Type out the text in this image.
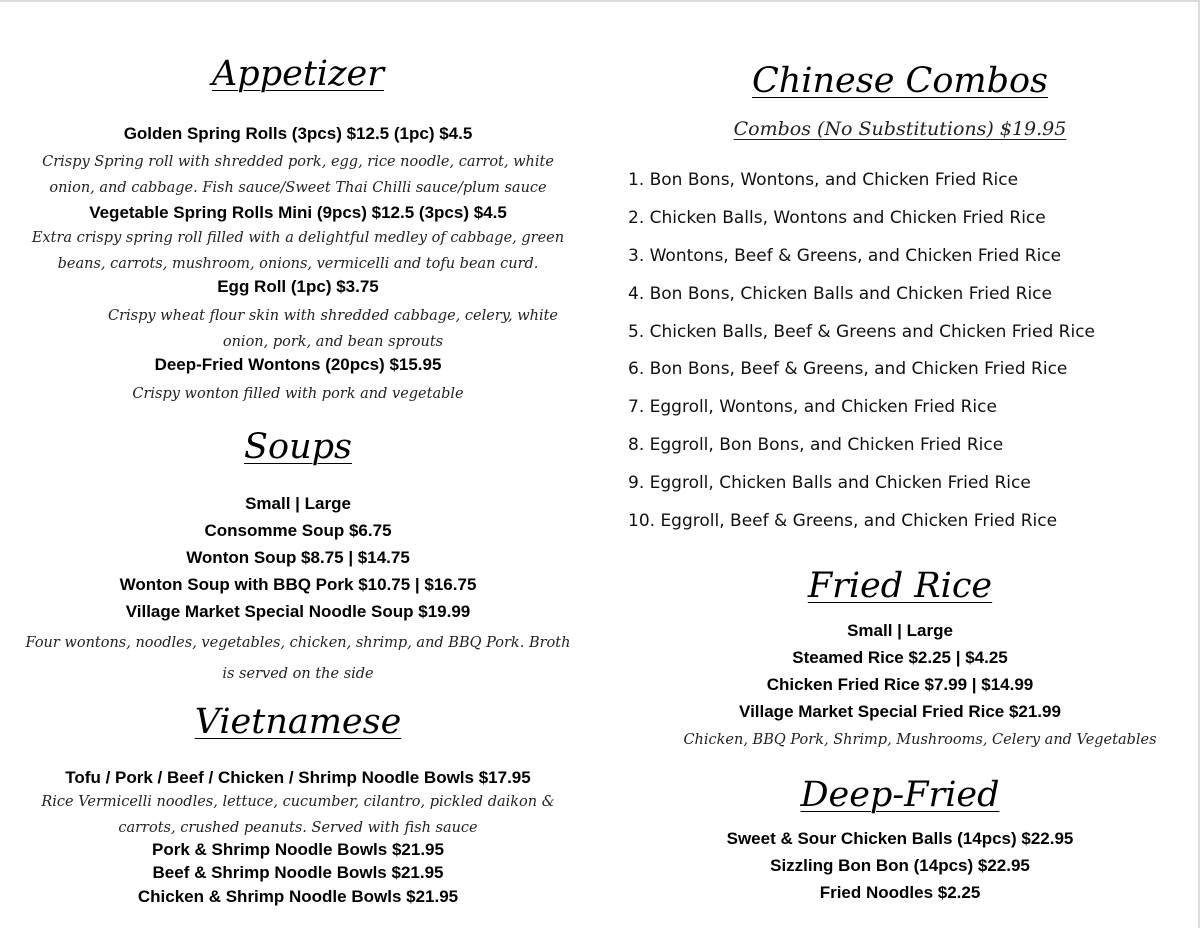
Appetizer
Golden Spring Rolls (3pcs) $12.5 (1pc) $4.5
Crispy Spring roll with shredded pork, egg, rice noodle, carrot, white onion, and cabbage. Fish sauce/Sweet Thai Chilli sauce/plum sauce
Vegetable Spring Rolls Mini (9pcs) $12.5 (3pcs) $4.5
Extra crispy spring roll filled with a delightful medley of cabbage, green beans, carrots, mushroom, onions, vermicelli and tofu bean curd.
Egg Roll (1pc) $3.75
Crispy wheat flour skin with shredded cabbage, celery, white onion, pork, and bean sprouts
Deep-Fried Wontons (20pcs) $15.95
Crispy wonton filled with pork and vegetable
Soups
Small | Large
Consomme Soup $6.75
Wonton Soup $8.75 | $14.75
Wonton Soup with BBQ Pork $10.75 | $16.75
Village Market Special Noodle Soup $19.99
Four wontons, noodles, vegetables, chicken, shrimp, and BBQ Pork. Broth is served on the side
Vietnamese
Tofu / Pork / Beef / Chicken / Shrimp Noodle Bowls $17.95
Rice Vermicelli noodles, lettuce, cucumber, cilantro, pickled daikon & carrots, crushed peanuts. Served with fish sauce
Pork & Shrimp Noodle Bowls $21.95
Beef & Shrimp Noodle Bowls $21.95
Chicken & Shrimp Noodle Bowls $21.95
Chinese Combos
Combos (No Substitutions) $19.95
1. Bon Bons, Wontons, and Chicken Fried Rice
2. Chicken Balls, Wontons and Chicken Fried Rice
3. Wontons, Beef & Greens, and Chicken Fried Rice
4. Bon Bons, Chicken Balls and Chicken Fried Rice
5. Chicken Balls, Beef & Greens and Chicken Fried Rice
6. Bon Bons, Beef & Greens, and Chicken Fried Rice
7. Eggroll, Wontons, and Chicken Fried Rice
8. Eggroll, Bon Bons, and Chicken Fried Rice
9. Eggroll, Chicken Balls and Chicken Fried Rice
10. Eggroll, Beef & Greens, and Chicken Fried Rice
Fried Rice
Small | Large
Steamed Rice $2.25 | $4.25
Chicken Fried Rice $7.99 | $14.99
Village Market Special Fried Rice $21.99
Chicken, BBQ Pork, Shrimp, Mushrooms, Celery and Vegetables
Deep-Fried
Sweet & Sour Chicken Balls (14pcs) $22.95
Sizzling Bon Bon (14pcs) $22.95
Fried Noodles $2.25
